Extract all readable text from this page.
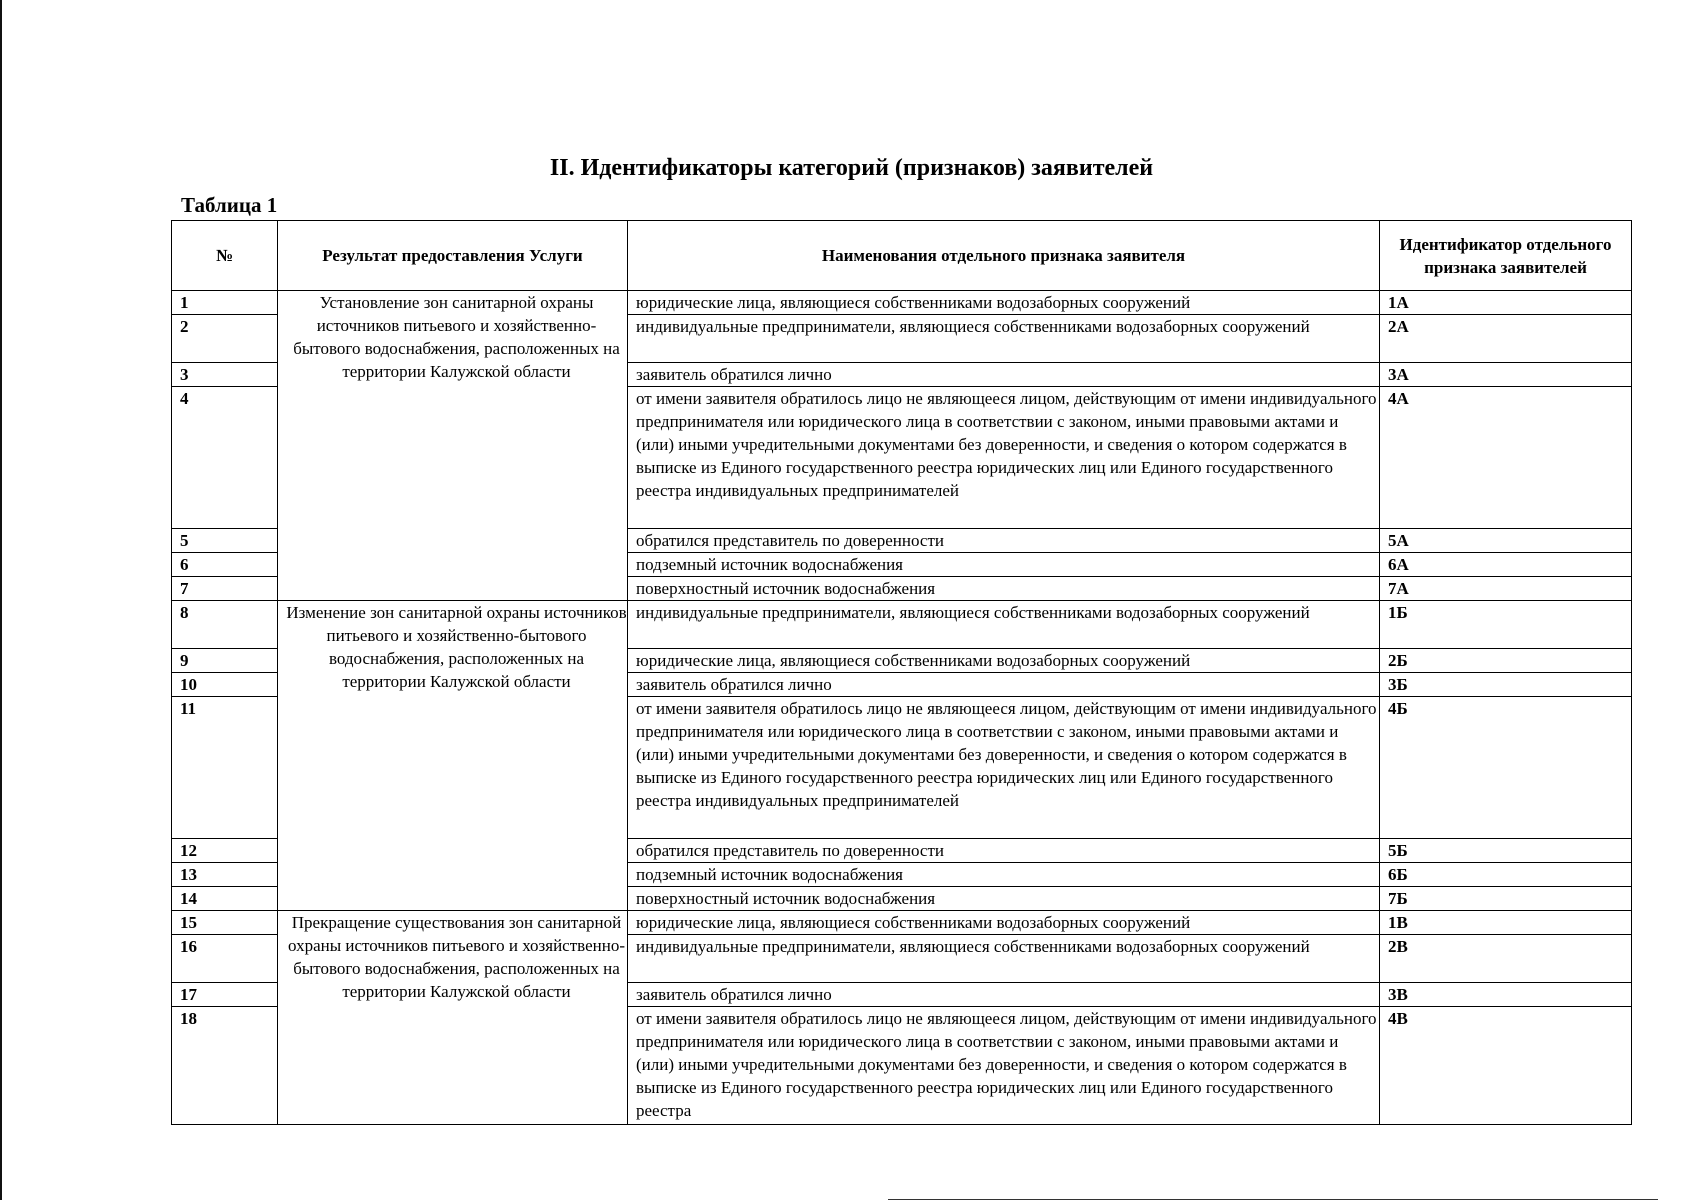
II. Идентификаторы категорий (признаков) заявителей
Таблица 1
№	Результат предоставления Услуги	Наименования отдельного признака заявителя	Идентификатор отдельного признака заявителей
1	Установление зон санитарной охраны источников питьевого и хозяйственно-бытового водоснабжения, расположенных на территории Калужской области	юридические лица, являющиеся собственниками водозаборных сооружений	1А
2		индивидуальные предприниматели, являющиеся собственниками водозаборных сооружений	2А
3		заявитель обратился лично	3А
4		от имени заявителя обратилось лицо не являющееся лицом, действующим от имени индивидуального предпринимателя или юридического лица в соответствии с законом, иными правовыми актами и (или) иными учредительными документами без доверенности, и сведения о котором содержатся в выписке из Единого государственного реестра юридических лиц или Единого государственного реестра индивидуальных предпринимателей	4А
5		обратился представитель по доверенности	5А
6		подземный источник водоснабжения	6А
7		поверхностный источник водоснабжения	7А
8	Изменение зон санитарной охраны источников питьевого и хозяйственно-бытового водоснабжения, расположенных на территории Калужской области	индивидуальные предприниматели, являющиеся собственниками водозаборных сооружений	1Б
9		юридические лица, являющиеся собственниками водозаборных сооружений	2Б
10		заявитель обратился лично	3Б
11		от имени заявителя обратилось лицо не являющееся лицом, действующим от имени индивидуального предпринимателя или юридического лица в соответствии с законом, иными правовыми актами и (или) иными учредительными документами без доверенности, и сведения о котором содержатся в выписке из Единого государственного реестра юридических лиц или Единого государственного реестра индивидуальных предпринимателей	4Б
12		обратился представитель по доверенности	5Б
13		подземный источник водоснабжения	6Б
14		поверхностный источник водоснабжения	7Б
15	Прекращение существования зон санитарной охраны источников питьевого и хозяйственно-бытового водоснабжения, расположенных на территории Калужской области	юридические лица, являющиеся собственниками водозаборных сооружений	1В
16		индивидуальные предприниматели, являющиеся собственниками водозаборных сооружений	2В
17		заявитель обратился лично	3В
18		от имени заявителя обратилось лицо не являющееся лицом, действующим от имени индивидуального предпринимателя или юридического лица в соответствии с законом, иными правовыми актами и (или) иными учредительными документами без доверенности, и сведения о котором содержатся в выписке из Единого государственного реестра юридических лиц или Единого государственного реестра	4В
